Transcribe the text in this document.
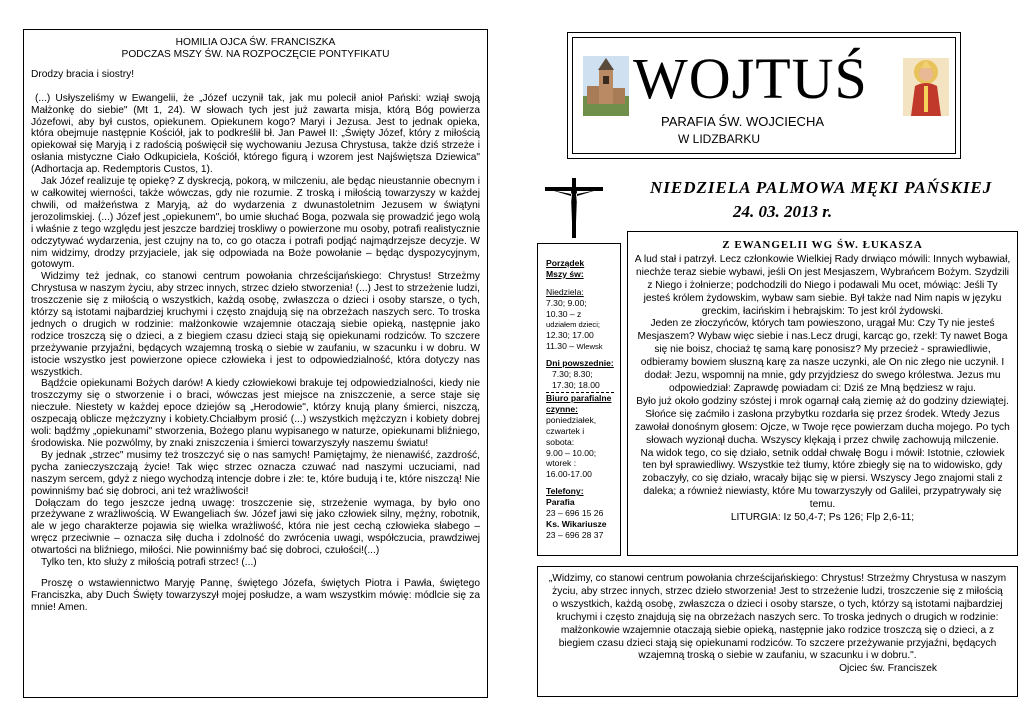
HOMILIA OJCA ŚW. FRANCISZKA
PODCZAS MSZY ŚW. NA ROZPOCZĘCIE PONTYFIKATU

Drodzy bracia i siostry!

(...) Usłyszeliśmy w Ewangelii, że „Józef uczynił tak, jak mu polecił anioł Pański: wziął swoją Małżonkę do siebie" (Mt 1, 24). W słowach tych jest już zawarta misja, którą Bóg powierza Józefowi, aby był custos, opiekunem. Opiekunem kogo? Maryi i Jezusa. Jest to jednak opieka, która obejmuje następnie Kościół, jak to podkreślił bł. Jan Paweł II: „Święty Józef, który z miłością opiekował się Maryją i z radością poświęcił się wychowaniu Jezusa Chrystusa, także dziś strzeże i osłania mistyczne Ciało Odkupiciela, Kościół, którego figurą i wzorem jest Najświętsza Dziewica" (Adhortacja ap. Redemptoris Custos, 1).

Jak Józef realizuje tę opiekę? Z dyskrecją, pokorą, w milczeniu, ale będąc nieustannie obecnym i w całkowitej wierności, także wówczas, gdy nie rozumie. Z troską i miłością towarzyszy w każdej chwili, od małżeństwa z Maryją, aż do wydarzenia z dwunastoletnim Jezusem w świątyni jerozolimskiej. (...) Józef jest „opiekunem", bo umie słuchać Boga, pozwala się prowadzić jego wolą i właśnie z tego względu jest jeszcze bardziej troskliwy o powierzone mu osoby, potrafi realistycznie odczytywać wydarzenia, jest czujny na to, co go otacza i potrafi podjąć najmądrzejsze decyzje. W nim widzimy, drodzy przyjaciele, jak się odpowiada na Boże powołanie – będąc dyspozycyjnym, gotowym.

Widzimy też jednak, co stanowi centrum powołania chrześcijańskiego: Chrystus! Strzeżmy Chrystusa w naszym życiu, aby strzec innych, strzec dzieło stworzenia! (...) Jest to strzeżenie ludzi, troszczenie się z miłością o wszystkich, każdą osobę, zwłaszcza o dzieci i osoby starsze, o tych, którzy są istotami najbardziej kruchymi i często znajdują się na obrzeżach naszych serc. To troska jednych o drugich w rodzinie: małżonkowie wzajemnie otaczają siebie opieką, następnie jako rodzice troszczą się o dzieci, a z biegiem czasu dzieci stają się opiekunami rodziców. To szczere przeżywanie przyjaźni, będących wzajemną troską o siebie w zaufaniu, w szacunku i w dobru. W istocie wszystko jest powierzone opiece człowieka i jest to odpowiedzialność, która dotyczy nas wszystkich.

Bądźcie opiekunami Bożych darów! A kiedy człowiekowi brakuje tej odpowiedzialności, kiedy nie troszczymy się o stworzenie i o braci, wówczas jest miejsce na zniszczenie, a serce staje się nieczułe. Niestety w każdej epoce dziejów są „Herodowie", którzy knują plany śmierci, niszczą, oszpecają oblicze mężczyzny i kobiety.Chciałbym prosić (...) wszystkich mężczyzn i kobiety dobrej woli: bądźmy „opiekunami" stworzenia, Bożego planu wypisanego w naturze, opiekunami bliźniego, środowiska. Nie pozwólmy, by znaki zniszczenia i śmierci towarzyszyły naszemu światu!

By jednak „strzec" musimy też troszczyć się o nas samych! Pamiętajmy, że nienawiść, zazdrość, pycha zanieczyszczają życie! Tak więc strzec oznacza czuwać nad naszymi uczuciami, nad naszym sercem, gdyż z niego wychodzą intencje dobre i złe: te, które budują i te, które niszczą! Nie powinniśmy bać się dobroci, ani też wrażliwości!

Dołączam do tego jeszcze jedną uwagę: troszczenie się, strzeżenie wymaga, by było ono przeżywane z wrażliwością. W Ewangeliach św. Józef jawi się jako człowiek silny, mężny, robotnik, ale w jego charakterze pojawia się wielka wrażliwość, która nie jest cechą człowieka słabego – wręcz przeciwnie – oznacza siłę ducha i zdolność do zwrócenia uwagi, współczucia, prawdziwej otwartości na bliźniego, miłości. Nie powinniśmy bać się dobroci, czułości!(...)

Tylko ten, kto służy z miłością potrafi strzec! (...)

Proszę o wstawiennictwo Maryję Pannę, świętego Józefa, świętych Piotra i Pawła, świętego Franciszka, aby Duch Święty towarzyszył mojej posłudze, a wam wszystkim mówię: módlcie się za mnie! Amen.

WOJTUŚ
PARAFIA ŚW. WOJCIECHA
W LIDZBARKU
NIEDZIELA PALMOWA MĘKI PAŃSKIEJ
24. 03. 2013 r.
Porządek
Mszy św:
Niedziela:
7.30; 9.00;
10.30 – z
udziałem dzieci;
12.30; 17.00
11.30 – Wlewsk
Dni powszednie:
7.30; 8.30;
17.30; 18.00
Biuro parafialne
czynne:
poniedziałek,
czwartek i
sobota:
9.00 – 10.00;
wtorek :
16.00-17.00
Telefony:
Parafia
23 – 696 15 26
Ks. Wikariusze
23 – 696 28 37
Z EWANGELII WG ŚW. ŁUKASZA
A lud stał i patrzył. Lecz członkowie Wielkiej Rady drwiąco mówili: Innych wybawiał, niechże teraz siebie wybawi, jeśli On jest Mesjaszem, Wybrańcem Bożym. Szydzili z Niego i żołnierze; podchodzili do Niego i podawali Mu ocet, mówiąc: Jeśli Ty jesteś królem żydowskim, wybaw sam siebie. Był także nad Nim napis w języku greckim, łacińskim i hebrajskim: To jest król żydowski.
Jeden ze złoczyńców, których tam powieszono, urągał Mu: Czy Ty nie jesteś Mesjaszem? Wybaw więc siebie i nas.Lecz drugi, karcąc go, rzekł: Ty nawet Boga się nie boisz, chociaż tę samą karę ponosisz? My przecież - sprawiedliwie, odbieramy bowiem słuszną karę za nasze uczynki, ale On nic złego nie uczynił. I dodał: Jezu, wspomnij na mnie, gdy przyjdziesz do swego królestwa. Jezus mu odpowiedział: Zaprawdę powiadam ci: Dziś ze Mną będziesz w raju.
Było już około godziny szóstej i mrok ogarnął całą ziemię aż do godziny dziewiątej. Słońce się zaćmiło i zasłona przybytku rozdarła się przez środek. Wtedy Jezus zawołał donośnym głosem: Ojcze, w Twoje ręce powierzam ducha mojego. Po tych słowach wyzionął ducha. Wszyscy klękają i przez chwilę zachowują milczenie.
Na widok tego, co się działo, setnik oddał chwałę Bogu i mówił: Istotnie, człowiek ten był sprawiedliwy. Wszystkie też tłumy, które zbiegły się na to widowisko, gdy zobaczyły, co się działo, wracały bijąc się w piersi. Wszyscy Jego znajomi stali z daleka; a również niewiasty, które Mu towarzyszyły od Galilei, przypatrywały się temu.
LITURGIA: Iz 50,4-7; Ps 126; Flp 2,6-11;
„Widzimy, co stanowi centrum powołania chrześcijańskiego: Chrystus! Strzeżmy Chrystusa w naszym życiu, aby strzec innych, strzec dzieło stworzenia! Jest to strzeżenie ludzi, troszczenie się z miłością o wszystkich, każdą osobę, zwłaszcza o dzieci i osoby starsze, o tych, którzy są istotami najbardziej kruchymi i często znajdują się na obrzeżach naszych serc. To troska jednych o drugich w rodzinie: małżonkowie wzajemnie otaczają siebie opieką, następnie jako rodzice troszczą się o dzieci, a z biegiem czasu dzieci stają się opiekunami rodziców. To szczere przeżywanie przyjaźni, będących wzajemną troską o siebie w zaufaniu, w szacunku i w dobru.".
Ojciec św. Franciszek
